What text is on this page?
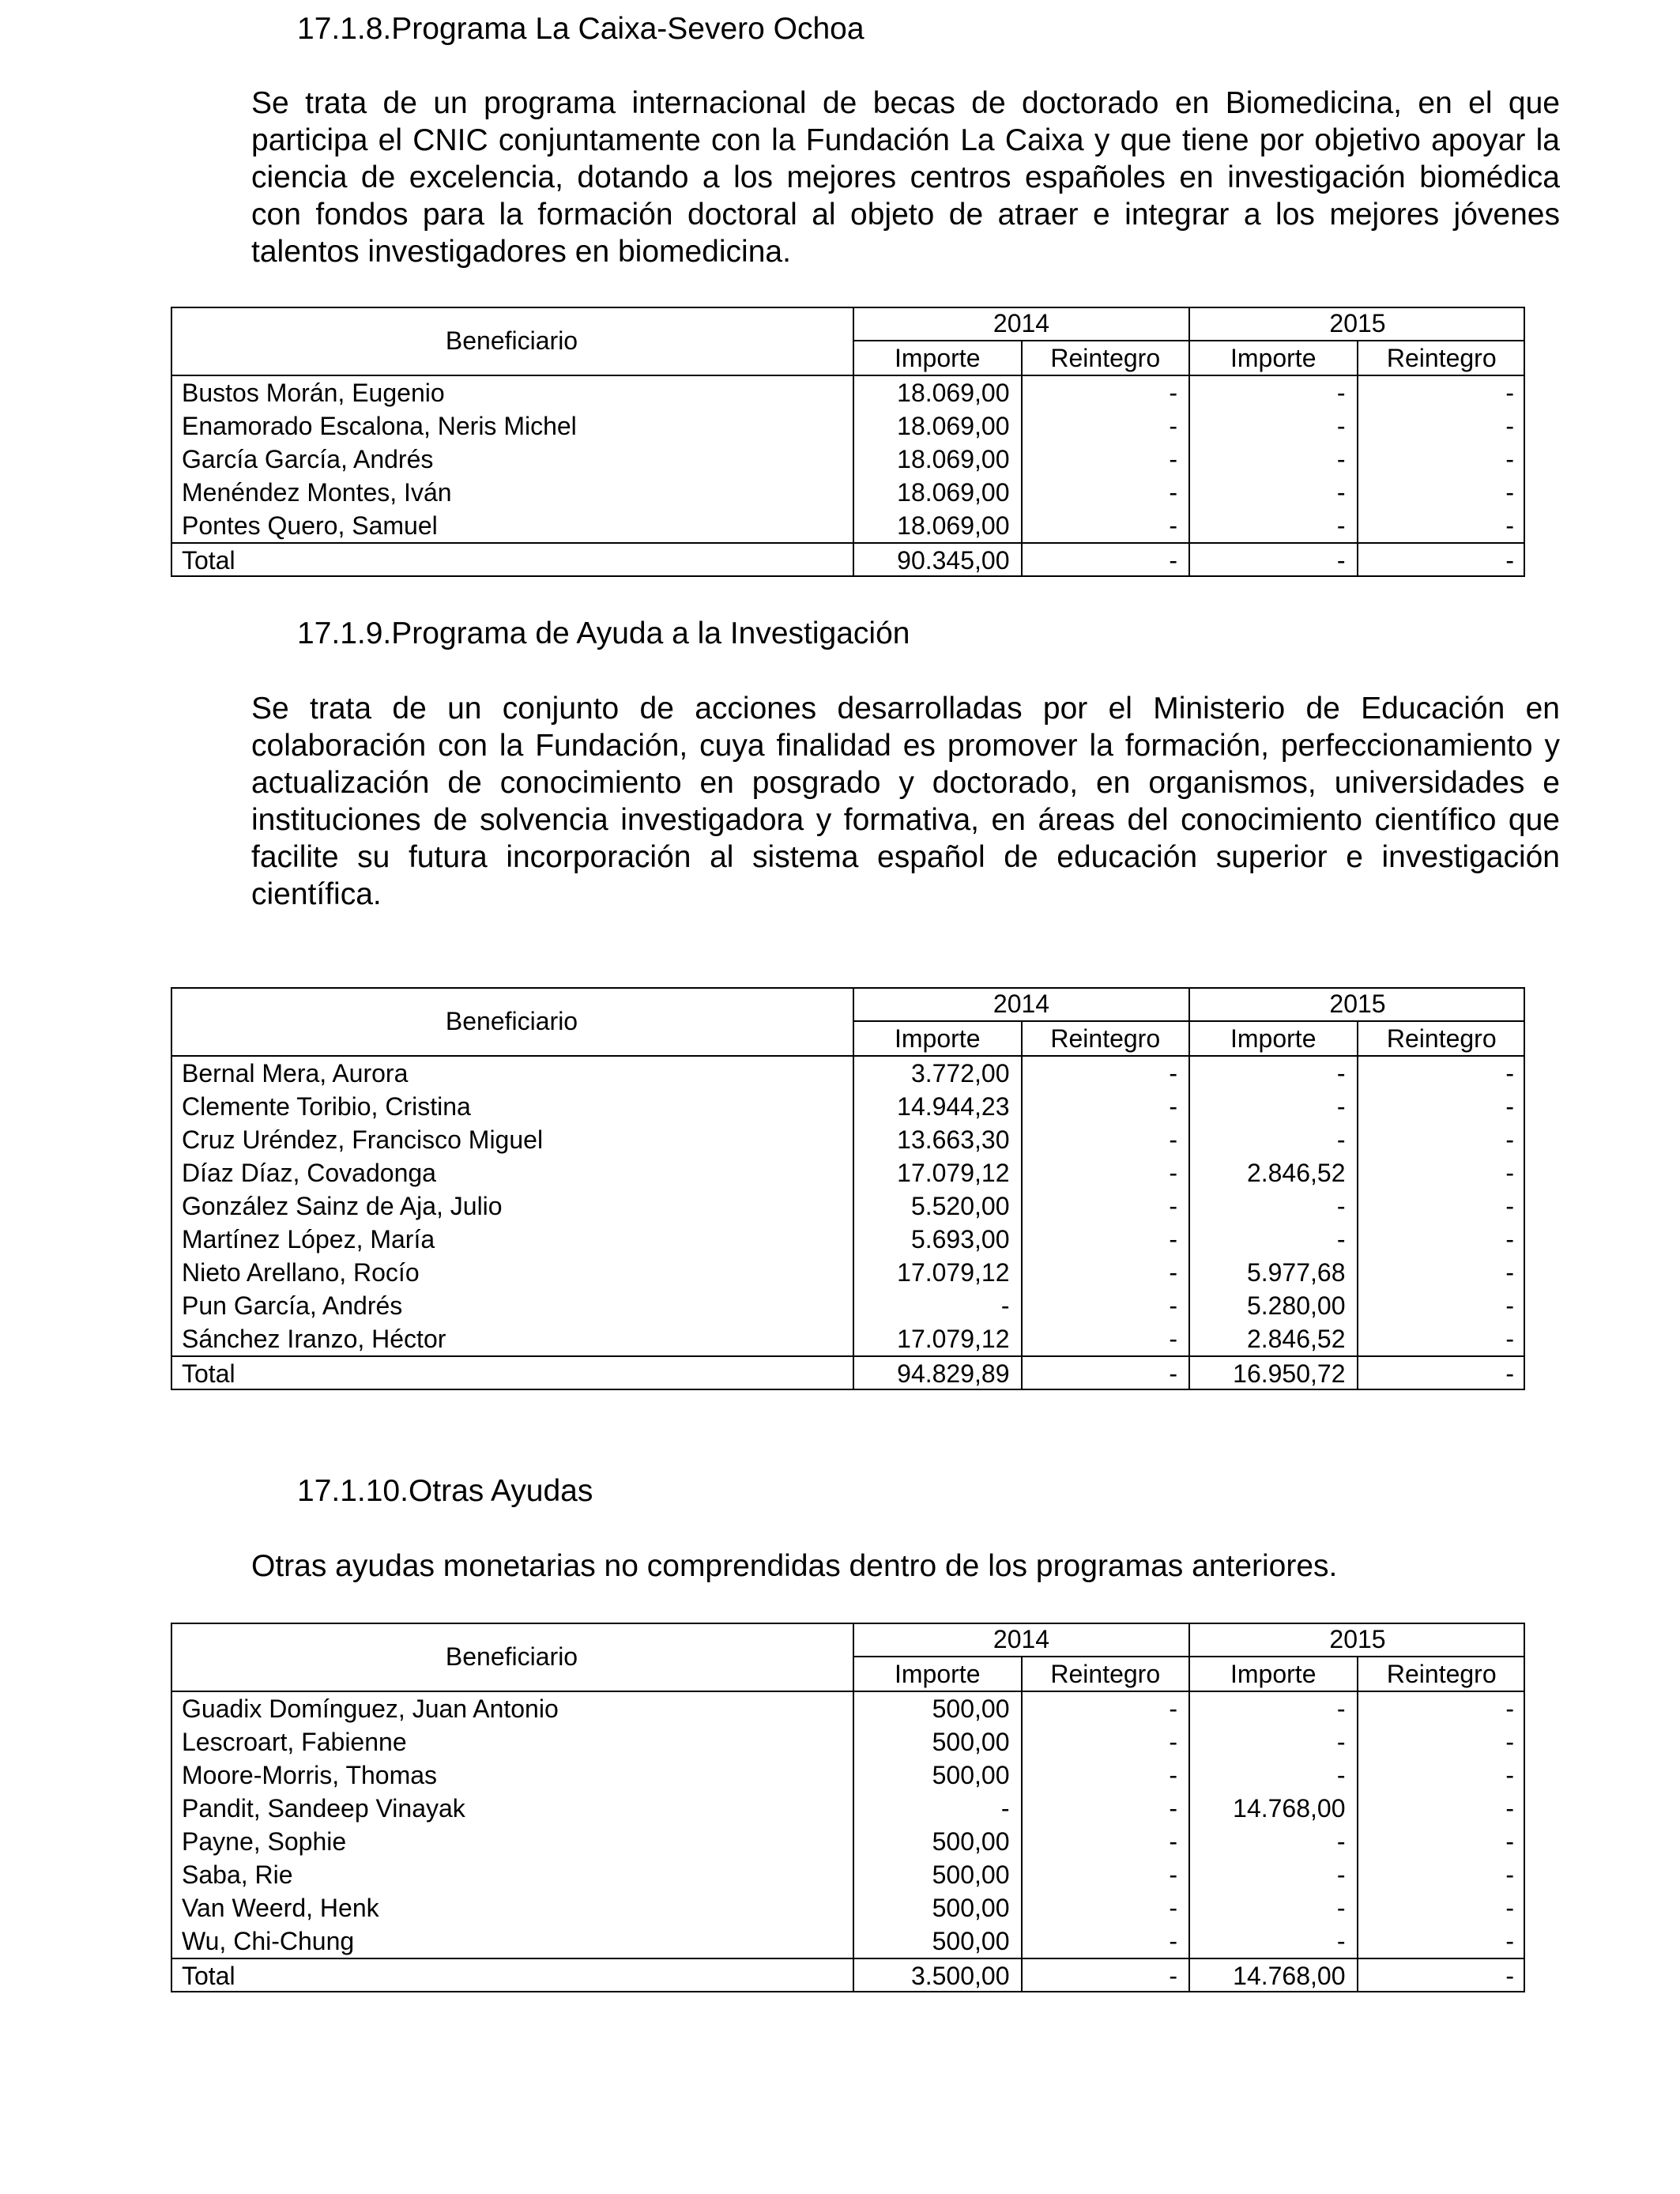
17.1.8.Programa La Caixa-Severo Ochoa
Se trata de un programa internacional de becas de doctorado en Biomedicina, en el que participa el CNIC conjuntamente con la Fundación La Caixa y que tiene por objetivo apoyar la ciencia de excelencia, dotando a los mejores centros españoles en investigación biomédica con fondos para la formación doctoral al objeto de atraer e integrar a los mejores jóvenes talentos investigadores en biomedicina.
Beneficiario	2014		2015	
	Importe	Reintegro	Importe	Reintegro
Bustos Morán, Eugenio	18.069,00	-	-	-
Enamorado Escalona, Neris Michel	18.069,00	-	-	-
García García, Andrés	18.069,00	-	-	-
Menéndez Montes, Iván	18.069,00	-	-	-
Pontes Quero, Samuel	18.069,00	-	-	-
Total	90.345,00	-	-	-
17.1.9.Programa de Ayuda a la Investigación
Se trata de un conjunto de acciones desarrolladas por el Ministerio de Educación en colaboración con la Fundación, cuya finalidad es promover la formación, perfeccionamiento y actualización de conocimiento en posgrado y doctorado, en organismos, universidades e instituciones de solvencia investigadora y formativa, en áreas del conocimiento científico que facilite su futura incorporación al sistema español de educación superior e investigación científica.
Beneficiario	2014		2015	
	Importe	Reintegro	Importe	Reintegro
Bernal Mera, Aurora	3.772,00	-	-	-
Clemente Toribio, Cristina	14.944,23	-	-	-
Cruz Uréndez, Francisco Miguel	13.663,30	-	-	-
Díaz Díaz, Covadonga	17.079,12	-	2.846,52	-
González Sainz de Aja, Julio	5.520,00	-	-	-
Martínez López, María	5.693,00	-	-	-
Nieto Arellano, Rocío	17.079,12	-	5.977,68	-
Pun García, Andrés	-	-	5.280,00	-
Sánchez Iranzo, Héctor	17.079,12	-	2.846,52	-
Total	94.829,89	-	16.950,72	-
17.1.10.Otras Ayudas
Otras ayudas monetarias no comprendidas dentro de los programas anteriores.
Beneficiario	2014		2015	
	Importe	Reintegro	Importe	Reintegro
Guadix Domínguez, Juan Antonio	500,00	-	-	-
Lescroart, Fabienne	500,00	-	-	-
Moore-Morris, Thomas	500,00	-	-	-
Pandit, Sandeep Vinayak	-	-	14.768,00	-
Payne, Sophie	500,00	-	-	-
Saba, Rie	500,00	-	-	-
Van Weerd, Henk	500,00	-	-	-
Wu, Chi-Chung	500,00	-	-	-
Total	3.500,00	-	14.768,00	-
